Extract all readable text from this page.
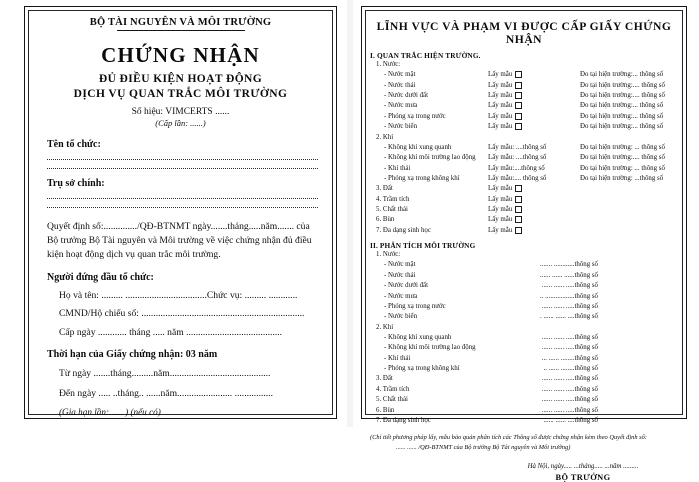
BỘ TÀI NGUYÊN VÀ MÔI TRƯỜNG
CHỨNG NHẬN
ĐỦ ĐIỀU KIỆN HOẠT ĐỘNG
DỊCH VỤ QUAN TRẮC MÔI TRƯỜNG
Số hiệu: VIMCERTS ......
(Cấp lần: ......)
Tên tổ chức:
Trụ sở chính:
Quyết định số:............../QĐ-BTNMT ngày.......tháng.....năm....... của Bộ trưởng Bộ Tài nguyên và Môi trường về việc chứng nhận đủ điều kiện hoạt động dịch vụ quan trắc môi trường.
Người đứng đầu tổ chức:
Họ và tên: ......... ..................................Chức vụ: ......... ............
CMND/Hộ chiếu số: ....................................................................
Cấp ngày ............ tháng ..... năm ........................................
Thời hạn của Giấy chứng nhận: 03 năm
Từ ngày .......tháng.........năm..........................................
Đến ngày ..... ..tháng.. ......năm....................... ................
(Gia hạn lần:...... ) (nếu có)
LĨNH VỰC VÀ PHẠM VI ĐƯỢC CẤP GIẤY CHỨNG NHẬN
I. QUAN TRẮC HIỆN TRƯỜNG.
1. Nước:
- Nước mặt	Lấy mẫu	Đo tại hiện trường:... thông số
- Nước thải	Lấy mẫu	Đo tại hiện trường:.... thông số
- Nước dưới đất	Lấy mẫu	Đo tại hiện trường:.... thông số
- Nước mưa	Lấy mẫu	Đo tại hiện trường:... thông số
- Phóng xạ trong nước	Lấy mẫu	Đo tại hiện trường:... thông số
- Nước biển	Lấy mẫu	Đo tại hiện trường:... thông số
2. Khí
- Không khí xung quanh	Lấy mẫu: ....thông số	Đo tại hiện trường: ... thông số
- Không khí môi trường lao động	Lấy mẫu: ....thông số	Đo tại hiện trường:.... thông số
- Khí thải	Lấy mẫu:....thông số	Đo tại hiện trường: ... thông số
- Phóng xạ trong không khí	Lấy mẫu:.... thông số	Đo tại hiện trường: ...thông số
3. Đất	Lấy mẫu
4. Trầm tích	Lấy mẫu
5. Chất thải	Lấy mẫu
6. Bùn	Lấy mẫu
7. Đa dạng sinh học	Lấy mẫu
II. PHÂN TÍCH MÔI TRƯỜNG
1. Nước:
- Nước mặt	....... ............thông số
- Nước thải	...... ...... ......thông số
- Nước dưới đất	...... ...... .....thông số
- Nước mưa	.. .................thông số
- Phóng xạ trong nước	...... ...... .....thông số
- Nước biển	. ...... ...... ....thông số
2. Khí
- Không khí xung quanh	...... ...... .....thông số
- Không khí môi trường lao động	...... ...... .....thông số
- Khí thải	... ...... ........thông số
- Phóng xạ trong không khí	.. ...... ........thông số
3. Đất	...... ...... .....thông số
4. Trầm tích	...... ...... .....thông số
5. Chất thải	...... ...... .....thông số
6. Bùn	...... ...... .....thông số
7. Đa dạng sinh học	...... ...... ....thông số
(Chỉ tiết phương pháp lấy, mẫu bảo quản phân tích các Thông số được chứng nhận kèm theo Quyết định số:
...... ...... /QĐ-BTNMT của Bộ trưởng Bộ Tài nguyên và Môi trường)
Hà Nội, ngày..... ...tháng..... ...năm .........
BỘ TRƯỞNG
